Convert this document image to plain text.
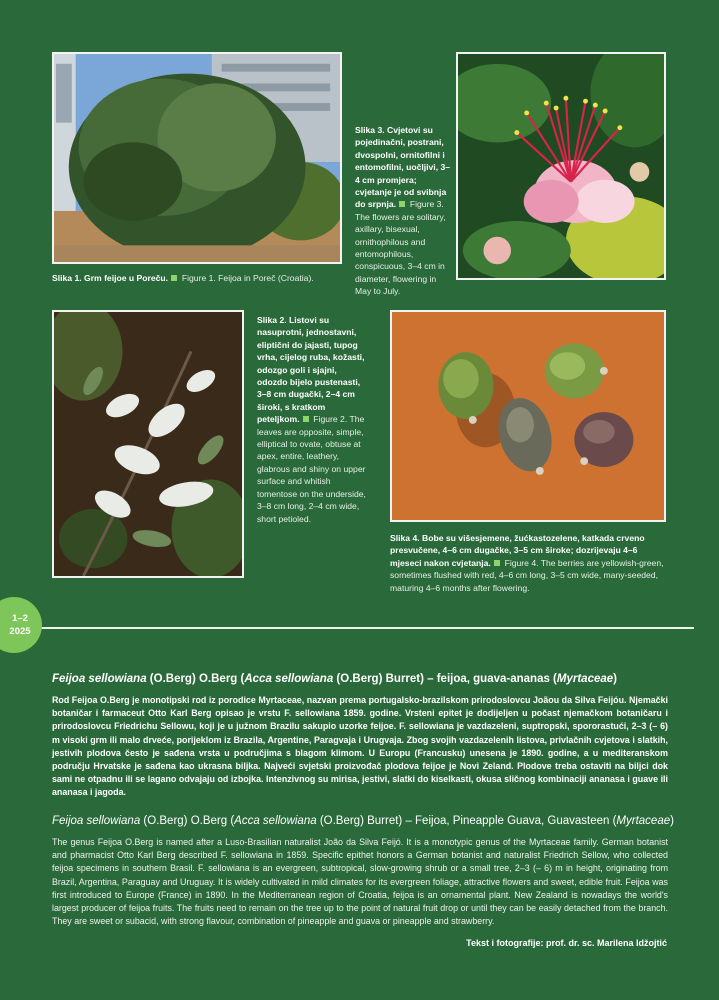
Slika 1. Grm feijoe u Poreču. Figure 1. Feijoa in Poreč (Croatia).
Slika 3. Cvjetovi su pojedinačni, postrani, dvospolni, ornitofilni i entomofilni, uočljivi, 3–4 cm promjera; cvjetanje je od svibnja do srpnja. Figure 3. The flowers are solitary, axillary, bisexual, ornithophilous and entomophilous, conspicuous, 3–4 cm in diameter, flowering in May to July.
Slika 2. Listovi su nasuprotni, jednostavni, eliptični do jajasti, tupog vrha, cijelog ruba, kožasti, odozgo goli i sjajni, odozdo bijelo pustenasti, 3–8 cm dugački, 2–4 cm široki, s kratkom peteljkom. Figure 2. The leaves are opposite, simple, elliptical to ovate, obtuse at apex, entire, leathery, glabrous and shiny on upper surface and whitish tomentose on the underside, 3–8 cm long, 2–4 cm wide, short petioled.
Slika 4. Bobe su višesjemene, žućkastozelene, katkada crveno presvučene, 4–6 cm dugačke, 3–5 cm široke; dozrijevaju 4–6 mjeseci nakon cvjetanja. Figure 4. The berries are yellowish-green, sometimes flushed with red, 4–6 cm long, 3–5 cm wide, many-seeded, maturing 4–6 months after flowering.
1–2
2025
Feijoa sellowiana (O.Berg) O.Berg (Acca sellowiana (O.Berg) Burret) – feijoa, guava-ananas (Myrtaceae)
Rod Feijoa O.Berg je monotipski rod iz porodice Myrtaceae, nazvan prema portugalsko-brazilskom prirodoslovcu Joãou da Silva Feijóu. Njemački botaničar i farmaceut Otto Karl Berg opisao je vrstu F. sellowiana 1859. godine. Vrsteni epitet je dodijeljen u počast njemačkom botaničaru i prirodoslovcu Friedrichu Sellowu, koji je u južnom Brazilu sakupio uzorke feijoe. F. sellowiana je vazdazeleni, suptropski, spororastući, 2–3 (– 6) m visoki grm ili malo drveće, porijeklom iz Brazila, Argentine, Paragvaja i Urugvaja. Zbog svojih vazdazelenih listova, privlačnih cvjetova i slatkih, jestivih plodova često je sađena vrsta u područjima s blagom klimom. U Europu (Francusku) unesena je 1890. godine, a u mediteranskom području Hrvatske je sađena kao ukrasna biljka. Najveći svjetski proizvođač plodova feijoe je Novi Zeland. Plodove treba ostaviti na biljci dok sami ne otpadnu ili se lagano odvajaju od izbojka. Intenzivnog su mirisa, jestivi, slatki do kiselkasti, okusa sličnog kombinaciji ananasa i guave ili ananasa i jagoda.
Feijoa sellowiana (O.Berg) O.Berg (Acca sellowiana (O.Berg) Burret) – Feijoa, Pineapple Guava, Guavasteen (Myrtaceae)
The genus Feijoa O.Berg is named after a Luso-Brasilian naturalist João da Silva Feijó. It is a monotypic genus of the Myrtaceae family. German botanist and pharmacist Otto Karl Berg described F. sellowiana in 1859. Specific epithet honors a German botanist and naturalist Friedrich Sellow, who collected feijoa specimens in southern Brasil. F. sellowiana is an evergreen, subtropical, slow-growing shrub or a small tree, 2–3 (– 6) m in height, originating from Brazil, Argentina, Paraguay and Uruguay. It is widely cultivated in mild climates for its evergreen foliage, attractive flowers and sweet, edible fruit. Feijoa was first introduced to Europe (France) in 1890. In the Mediterranean region of Croatia, feijoa is an ornamental plant. New Zealand is nowadays the world's largest producer of feijoa fruits. The fruits need to remain on the tree up to the point of natural fruit drop or until they can be easily detached from the branch. They are sweet or subacid, with strong flavour, combination of pineapple and guava or pineapple and strawberry.
Tekst i fotografije: prof. dr. sc. Marilena Idžojtić
